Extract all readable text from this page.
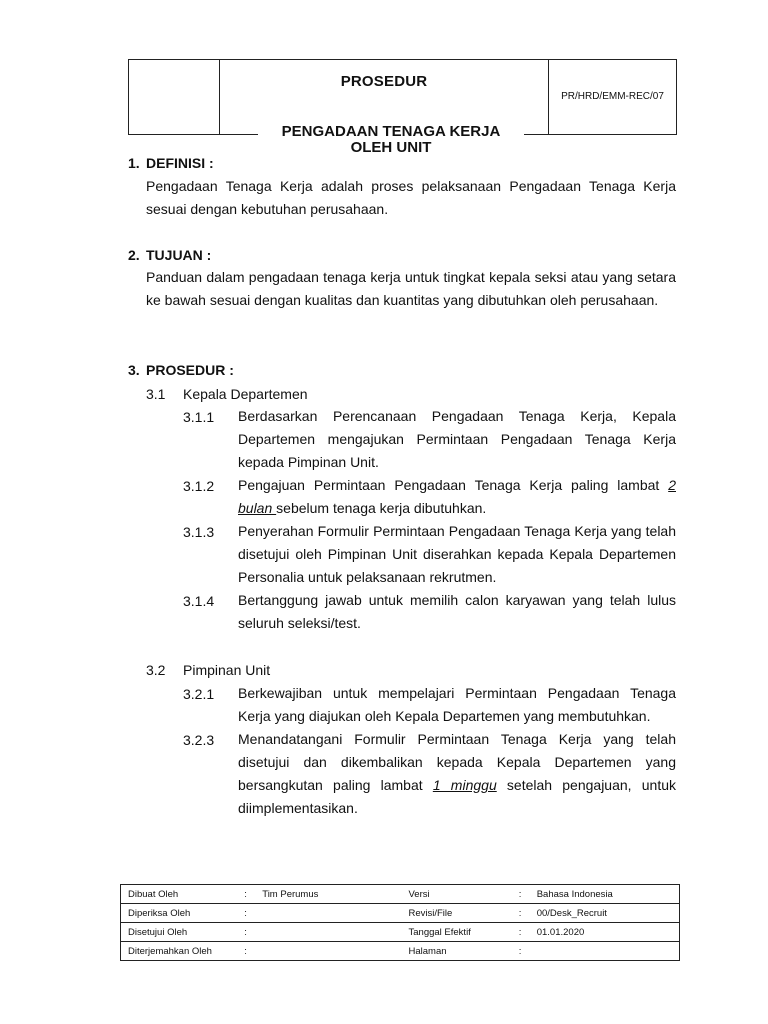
PROSEDUR
PR/HRD/EMM-REC/07
PENGADAAN TENAGA KERJA
OLEH UNIT
1. DEFINISI :

Pengadaan Tenaga Kerja adalah proses pelaksanaan Pengadaan Tenaga Kerja sesuai dengan kebutuhan perusahaan.

2. TUJUAN :

Panduan dalam pengadaan tenaga kerja untuk tingkat kepala seksi atau yang setara ke bawah sesuai dengan kualitas dan kuantitas yang dibutuhkan oleh perusahaan.

3. PROSEDUR :
3.1 Kepala Departemen
3.1.1 Berdasarkan Perencanaan Pengadaan Tenaga Kerja, Kepala Departemen mengajukan Permintaan Pengadaan Tenaga Kerja kepada Pimpinan Unit.

3.1.2 Pengajuan Permintaan Pengadaan Tenaga Kerja paling lambat 2 bulan sebelum tenaga kerja dibutuhkan.

3.1.3 Penyerahan Formulir Permintaan Pengadaan Tenaga Kerja yang telah disetujui oleh Pimpinan Unit diserahkan kepada Kepala Departemen Personalia untuk pelaksanaan rekrutmen.

3.1.4 Bertanggung jawab untuk memilih calon karyawan yang telah lulus seluruh seleksi/test.

3.2 Pimpinan Unit
3.2.1 Berkewajiban untuk mempelajari Permintaan Pengadaan Tenaga Kerja yang diajukan oleh Kepala Departemen yang membutuhkan.

3.2.3 Menandatangani Formulir Permintaan Tenaga Kerja yang telah disetujui dan dikembalikan kepada Kepala Departemen yang bersangkutan paling lambat 1 minggu setelah pengajuan, untuk diimplementasikan.

Dibuat Oleh	:	Tim Perumus	Versi	:	Bahasa Indonesia
Diperiksa Oleh	:		Revisi/File	:	00/Desk_Recruit
Disetujui Oleh	:		Tanggal Efektif	:	01.01.2020
Diterjemahkan Oleh	:		Halaman	:	
